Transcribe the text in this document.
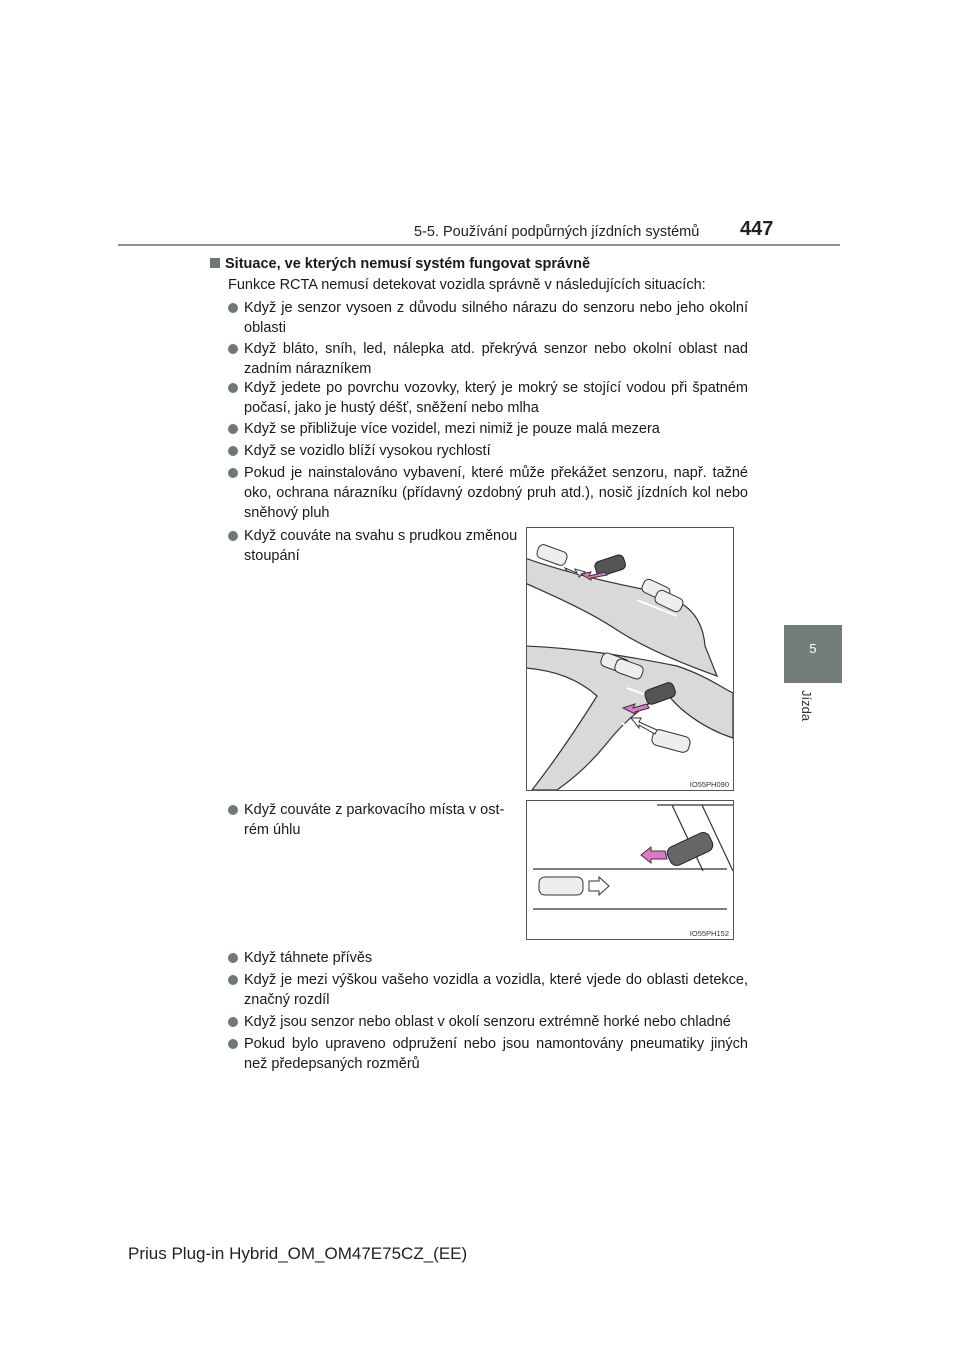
5-5. Používání podpůrných jízdních systémů 447
5
Jízda
Situace, ve kterých nemusí systém fungovat správně
Funkce RCTA nemusí detekovat vozidla správně v následujících situacích:
Když je senzor vysoen z důvodu silného nárazu do senzoru nebo jeho okolní oblasti
Když bláto, sníh, led, nálepka atd. překrývá senzor nebo okolní oblast nad zadním nárazníkem
Když jedete po povrchu vozovky, který je mokrý se stojící vodou při špatném počasí, jako je hustý déšť, sněžení nebo mlha
Když se přibližuje více vozidel, mezi nimiž je pouze malá mezera
Když se vozidlo blíží vysokou rychlostí
Pokud je nainstalováno vybavení, které může překážet senzoru, např. tažné oko, ochrana nárazníku (přídavný ozdobný pruh atd.), nosič jízdních kol nebo sněhový pluh
Když couváte na svahu s prudkou změnou stoupání
IO55PH090
Když couváte z parkovacího místa v ost-rém úhlu
IO55PH152
Když táhnete přívěs
Když je mezi výškou vašeho vozidla a vozidla, které vjede do oblasti detekce, značný rozdíl
Když jsou senzor nebo oblast v okolí senzoru extrémně horké nebo chladné
Pokud bylo upraveno odpružení nebo jsou namontovány pneumatiky jiných než předepsaných rozměrů
Prius Plug-in Hybrid_OM_OM47E75CZ_(EE)
